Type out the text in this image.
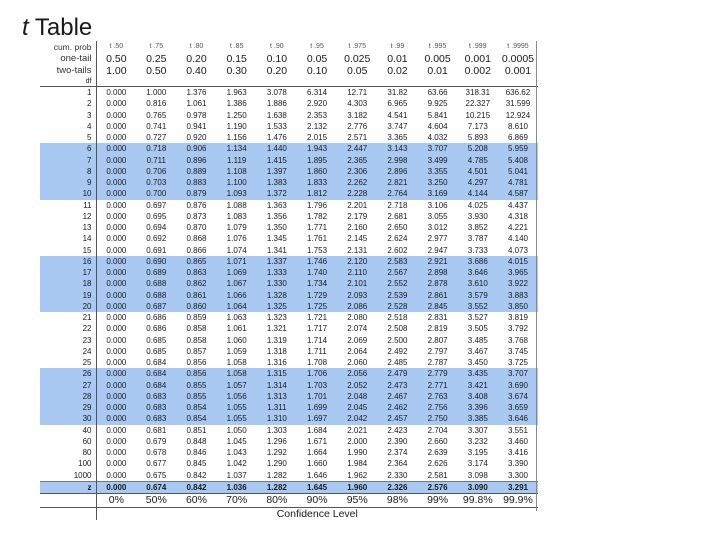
t Table
cum. prob	t .50	t .75	t .80	t .85	t .90	t .95	t .975	t .99	t .995	t .999	t .9995
one-tail	0.50	0.25	0.20	0.15	0.10	0.05	0.025	0.01	0.005	0.001	0.0005
two-tails	1.00	0.50	0.40	0.30	0.20	0.10	0.05	0.02	0.01	0.002	0.001
df											
1	0.000	1.000	1.376	1.963	3.078	6.314	12.71	31.82	63.66	318.31	636.62
2	0.000	0.816	1.061	1.386	1.886	2.920	4.303	6.965	9.925	22.327	31.599
3	0.000	0.765	0.978	1.250	1.638	2.353	3.182	4.541	5.841	10.215	12.924
4	0.000	0.741	0.941	1.190	1.533	2.132	2.776	3.747	4.604	7.173	8.610
5	0.000	0.727	0.920	1.156	1.476	2.015	2.571	3.365	4.032	5.893	6.869
6	0.000	0.718	0.906	1.134	1.440	1.943	2.447	3.143	3.707	5.208	5.959
7	0.000	0.711	0.896	1.119	1.415	1.895	2.365	2.998	3.499	4.785	5.408
8	0.000	0.706	0.889	1.108	1.397	1.860	2.306	2.896	3.355	4.501	5.041
9	0.000	0.703	0.883	1.100	1.383	1.833	2.262	2.821	3.250	4.297	4.781
10	0.000	0.700	0.879	1.093	1.372	1.812	2.228	2.764	3.169	4.144	4.587
11	0.000	0.697	0.876	1.088	1.363	1.796	2.201	2.718	3.106	4.025	4.437
12	0.000	0.695	0.873	1.083	1.356	1.782	2.179	2.681	3.055	3.930	4.318
13	0.000	0.694	0.870	1.079	1.350	1.771	2.160	2.650	3.012	3.852	4.221
14	0.000	0.692	0.868	1.076	1.345	1.761	2.145	2.624	2.977	3.787	4.140
15	0.000	0.691	0.866	1.074	1.341	1.753	2.131	2.602	2.947	3.733	4.073
16	0.000	0.690	0.865	1.071	1.337	1.746	2.120	2.583	2.921	3.686	4.015
17	0.000	0.689	0.863	1.069	1.333	1.740	2.110	2.567	2.898	3.646	3.965
18	0.000	0.688	0.862	1.067	1.330	1.734	2.101	2.552	2.878	3.610	3.922
19	0.000	0.688	0.861	1.066	1.328	1.729	2.093	2.539	2.861	3.579	3.883
20	0.000	0.687	0.860	1.064	1.325	1.725	2.086	2.528	2.845	3.552	3.850
21	0.000	0.686	0.859	1.063	1.323	1.721	2.080	2.518	2.831	3.527	3.819
22	0.000	0.686	0.858	1.061	1.321	1.717	2.074	2.508	2.819	3.505	3.792
23	0.000	0.685	0.858	1.060	1.319	1.714	2.069	2.500	2.807	3.485	3.768
24	0.000	0.685	0.857	1.059	1.318	1.711	2.064	2.492	2.797	3.467	3.745
25	0.000	0.684	0.856	1.058	1.316	1.708	2.060	2.485	2.787	3.450	3.725
26	0.000	0.684	0.856	1.058	1.315	1.706	2.056	2.479	2.779	3.435	3.707
27	0.000	0.684	0.855	1.057	1.314	1.703	2.052	2.473	2.771	3.421	3.690
28	0.000	0.683	0.855	1.056	1.313	1.701	2.048	2.467	2.763	3.408	3.674
29	0.000	0.683	0.854	1.055	1.311	1.699	2.045	2.462	2.756	3.396	3.659
30	0.000	0.683	0.854	1.055	1.310	1.697	2.042	2.457	2.750	3.385	3.646
40	0.000	0.681	0.851	1.050	1.303	1.684	2.021	2.423	2.704	3.307	3.551
60	0.000	0.679	0.848	1.045	1.296	1.671	2.000	2.390	2.660	3.232	3.460
80	0.000	0.678	0.846	1.043	1.292	1.664	1.990	2.374	2.639	3.195	3.416
100	0.000	0.677	0.845	1.042	1.290	1.660	1.984	2.364	2.626	3.174	3.390
1000	0.000	0.675	0.842	1.037	1.282	1.646	1.962	2.330	2.581	3.098	3.300
z	0.000	0.674	0.842	1.036	1.282	1.645	1.960	2.326	2.576	3.090	3.291
	0%	50%	60%	70%	80%	90%	95%	98%	99%	99.8%	99.9%
	Confidence Level										
